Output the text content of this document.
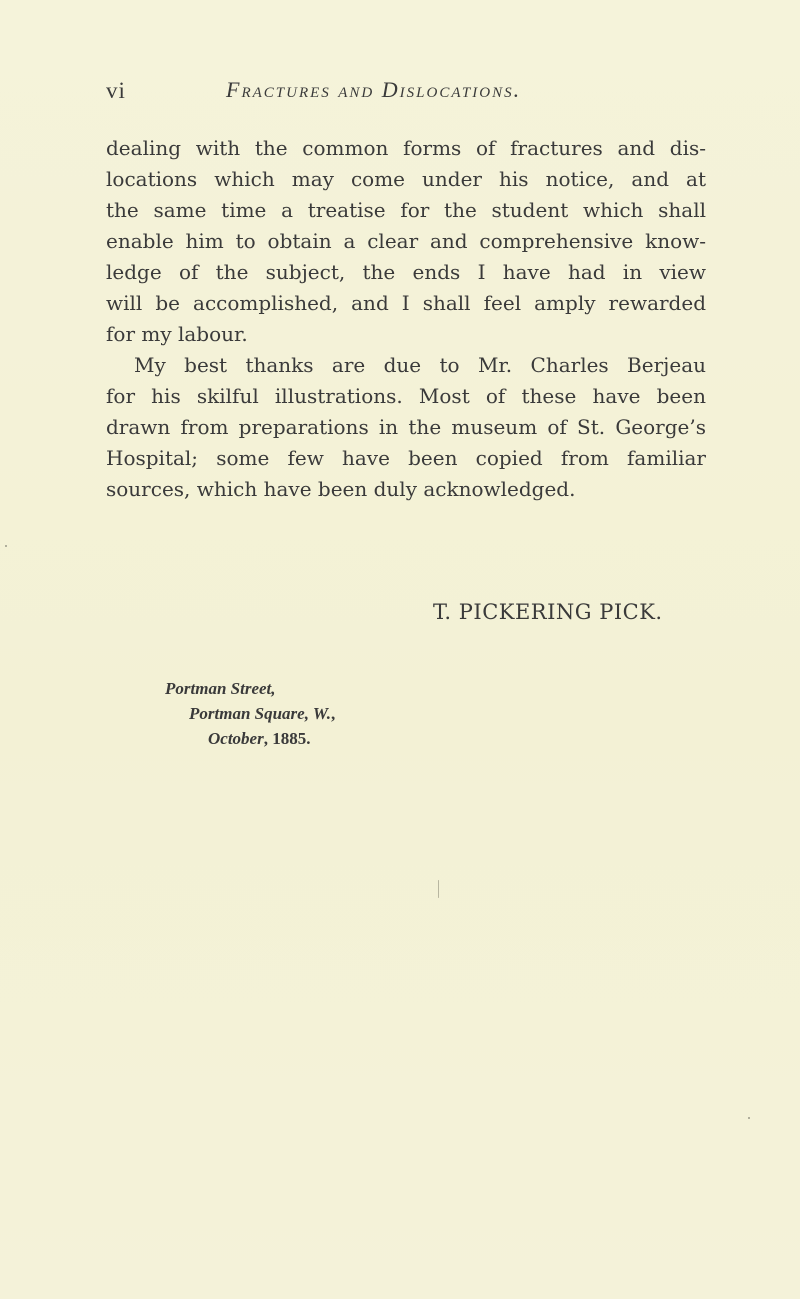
vi	Fractures and Dislocations.

dealing with the common forms of fractures and dis-
locations which may come under his notice, and at
the same time a treatise for the student which shall
enable him to obtain a clear and comprehensive know-
ledge of the subject, the ends I have had in view
will be accomplished, and I shall feel amply rewarded
for my labour.

My best thanks are due to Mr. Charles Berjeau
for his skilful illustrations. Most of these have been
drawn from preparations in the museum of St. George’s
Hospital; some few have been copied from familiar
sources, which have been duly acknowledged.

T. PICKERING PICK.
Portman Street,
Portman Square, W.,
October, 1885.
